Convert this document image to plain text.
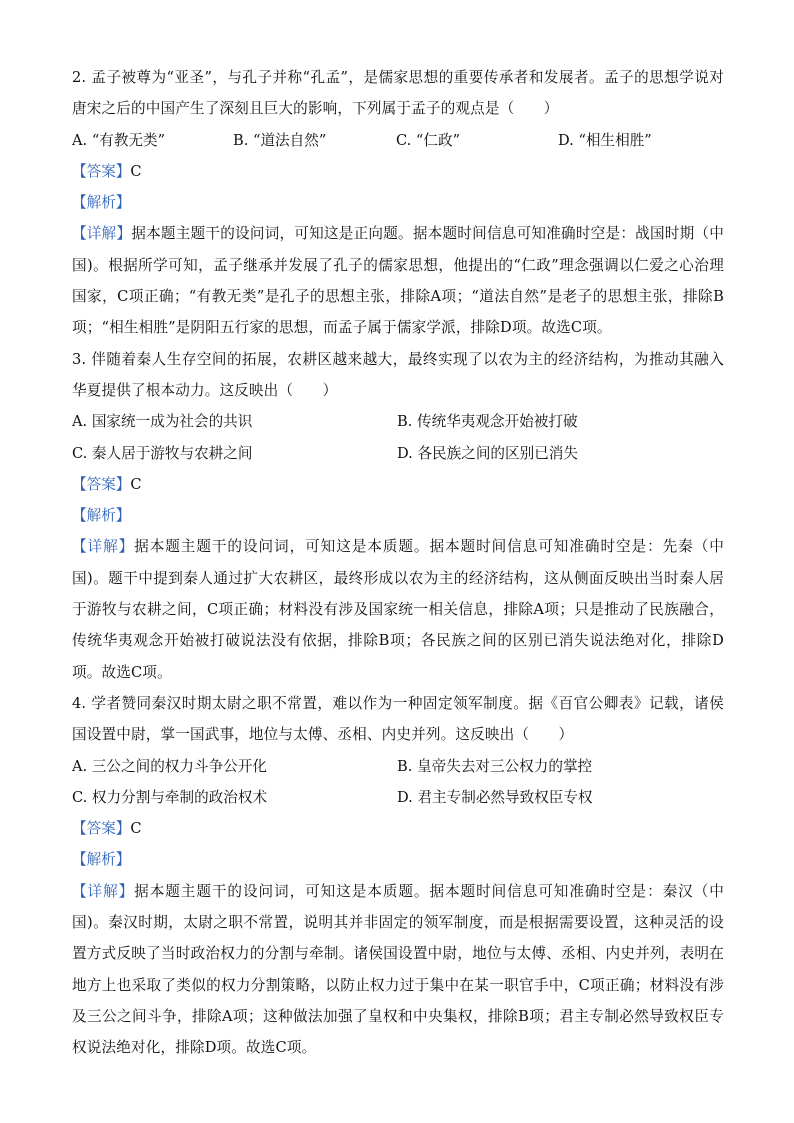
2. 孟子被尊为“亚圣”，与孔子并称“孔孟”，是儒家思想的重要传承者和发展者。孟子的思想学说对唐宋之后的中国产生了深刻且巨大的影响，下列属于孟子的观点是（　　）

A. “有教无类”	B. “道法自然”	C. “仁政”	D. “相生相胜”

【答案】C

【解析】

【详解】据本题主题干的设问词，可知这是正向题。据本题时间信息可知准确时空是：战国时期（中国)。根据所学可知，孟子继承并发展了孔子的儒家思想，他提出的“仁政”理念强调以仁爱之心治理国家，C项正确；“有教无类”是孔子的思想主张，排除A项；“道法自然”是老子的思想主张，排除B项；“相生相胜”是阴阳五行家的思想，而孟子属于儒家学派，排除D项。故选C项。

3. 伴随着秦人生存空间的拓展，农耕区越来越大，最终实现了以农为主的经济结构，为推动其融入华夏提供了根本动力。这反映出（　　）

A. 国家统一成为社会的共识	B. 传统华夷观念开始被打破
C. 秦人居于游牧与农耕之间	D. 各民族之间的区别已消失

【答案】C

【解析】

【详解】据本题主题干的设问词，可知这是本质题。据本题时间信息可知准确时空是：先秦（中国)。题干中提到秦人通过扩大农耕区，最终形成以农为主的经济结构，这从侧面反映出当时秦人居于游牧与农耕之间，C项正确；材料没有涉及国家统一相关信息，排除A项；只是推动了民族融合，传统华夷观念开始被打破说法没有依据，排除B项；各民族之间的区别已消失说法绝对化，排除D项。故选C项。

4. 学者赞同秦汉时期太尉之职不常置，难以作为一种固定领军制度。据《百官公卿表》记载，诸侯国设置中尉，掌一国武事，地位与太傅、丞相、内史并列。这反映出（　　）

A. 三公之间的权力斗争公开化	B. 皇帝失去对三公权力的掌控
C. 权力分割与牵制的政治权术	D. 君主专制必然导致权臣专权

【答案】C

【解析】

【详解】据本题主题干的设问词，可知这是本质题。据本题时间信息可知准确时空是：秦汉（中国)。秦汉时期，太尉之职不常置，说明其并非固定的领军制度，而是根据需要设置，这种灵活的设置方式反映了当时政治权力的分割与牵制。诸侯国设置中尉，地位与太傅、丞相、内史并列，表明在地方上也采取了类似的权力分割策略，以防止权力过于集中在某一职官手中，C项正确；材料没有涉及三公之间斗争，排除A项；这种做法加强了皇权和中央集权，排除B项；君主专制必然导致权臣专权说法绝对化，排除D项。故选C项。
